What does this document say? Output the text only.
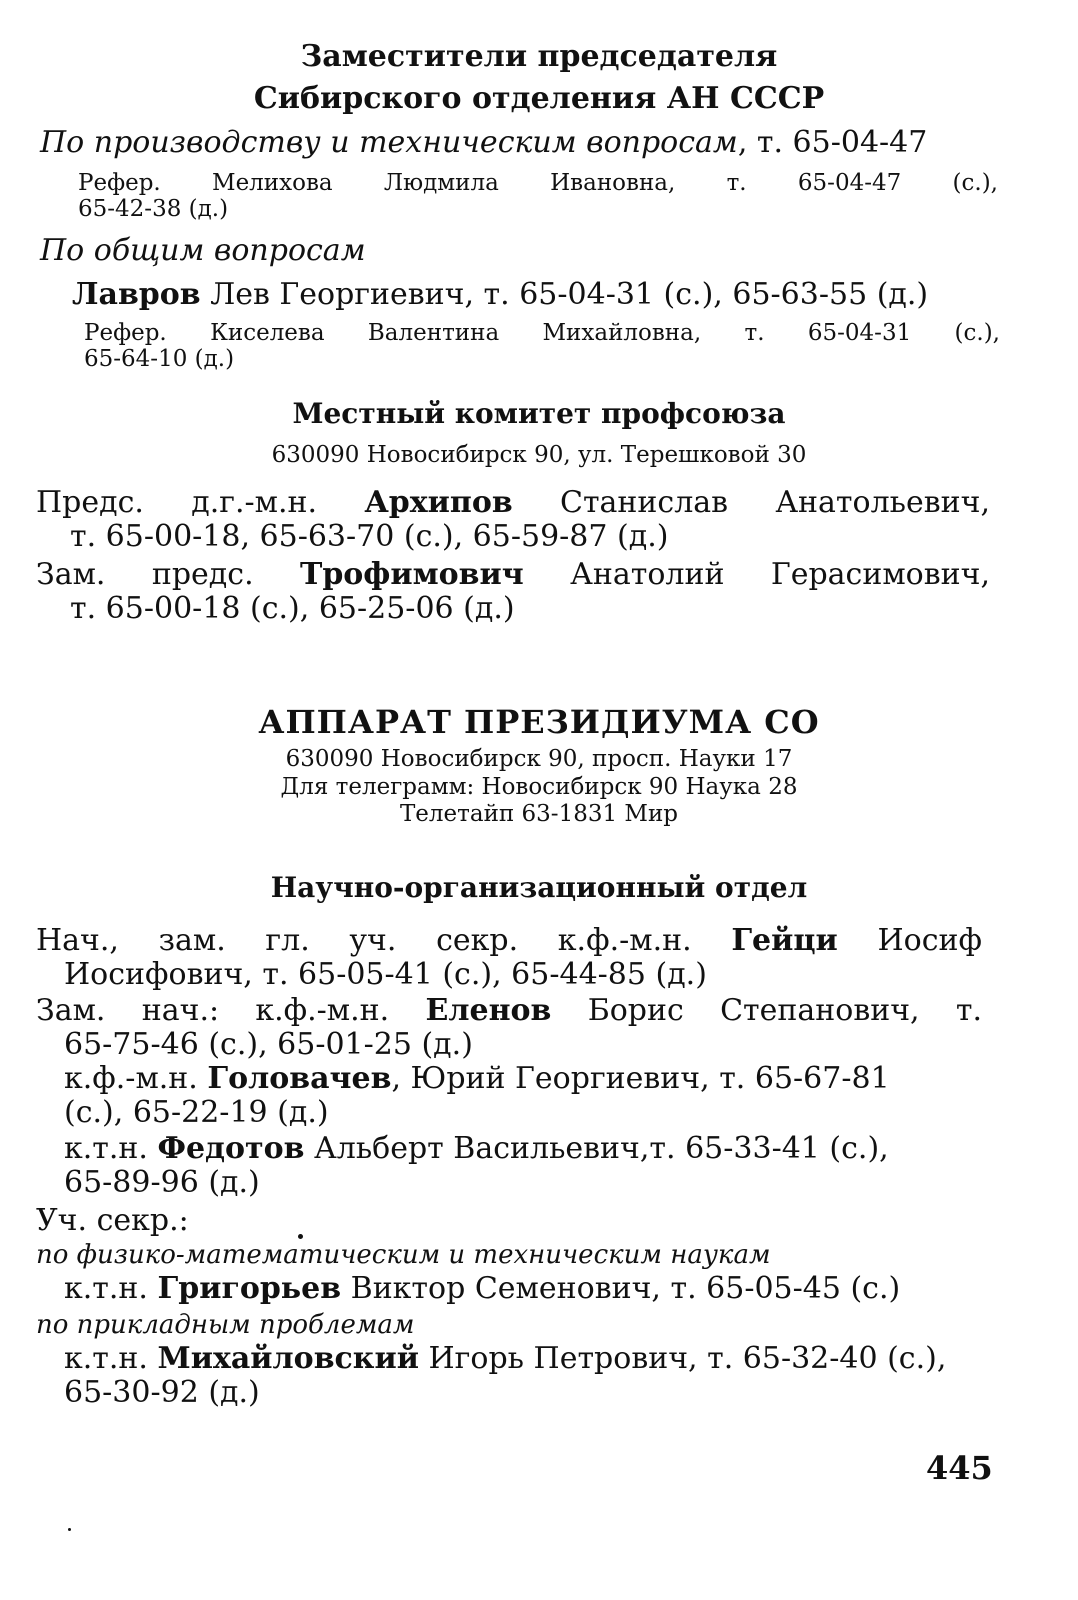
Заместители председателя
Сибирского отделения АН СССР
По производству и техническим вопросам, т. 65-04-47
Рефер. Мелихова Людмила Ивановна, т. 65-04-47 (с.),
65-42-38 (д.)
По общим вопросам
Лавров Лев Георгиевич, т. 65-04-31 (с.), 65-63-55 (д.)
Рефер. Киселева Валентина Михайловна, т. 65-04-31 (с.),
65-64-10 (д.)
Местный комитет профсоюза
630090 Новосибирск 90, ул. Терешковой 30
Предс. д.г.-м.н. Архипов Станислав Анатольевич,
т. 65-00-18, 65-63-70 (с.), 65-59-87 (д.)
Зам. предс. Трофимович Анатолий Герасимович,
т. 65-00-18 (с.), 65-25-06 (д.)
АППАРАТ ПРЕЗИДИУМА СО
630090 Новосибирск 90, просп. Науки 17
Для телеграмм: Новосибирск 90 Наука 28
Телетайп 63-1831 Мир
Научно-организационный отдел
Нач., зам. гл. уч. секр. к.ф.-м.н. Гейци Иосиф
Иосифович, т. 65-05-41 (с.), 65-44-85 (д.)
Зам. нач.: к.ф.-м.н. Еленов Борис Степанович, т.
65-75-46 (с.), 65-01-25 (д.)
к.ф.-м.н. Головачев, Юрий Георгиевич, т. 65-67-81
(с.), 65-22-19 (д.)
к.т.н. Федотов Альберт Васильевич,т. 65-33-41 (с.),
65-89-96 (д.)
Уч. секр.:
по физико-математическим и техническим наукам
к.т.н. Григорьев Виктор Семенович, т. 65-05-45 (с.)
по прикладным проблемам
к.т.н. Михайловский Игорь Петрович, т. 65-32-40 (с.),
65-30-92 (д.)
445
